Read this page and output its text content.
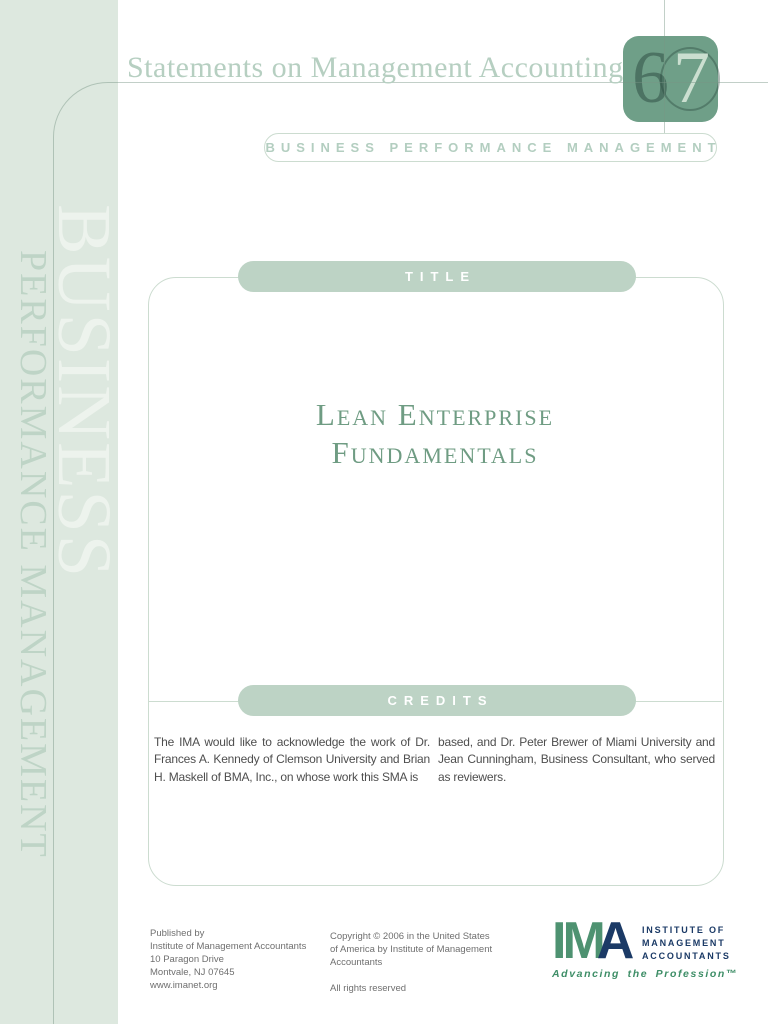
BUSINESS
PERFORMANCE MANAGEMENT
6 7
Statements on Management Accounting
BUSINESS PERFORMANCE MANAGEMENT
TITLE
Lean Enterprise
Fundamentals
CREDITS
The IMA would like to acknowledge the work of Dr. Frances A. Kennedy of Clemson University and Brian H. Maskell of BMA, Inc., on whose work this SMA is
based, and Dr. Peter Brewer of Miami University and Jean Cunningham, Business Consultant, who served as reviewers.
Published by
Institute of Management Accountants
10 Paragon Drive
Montvale, NJ 07645
www.imanet.org
Copyright © 2006 in the United States
of America by Institute of Management
Accountants
All rights reserved
IMA INSTITUTE OF
MANAGEMENT
ACCOUNTANTS
Advancing the Profession™
